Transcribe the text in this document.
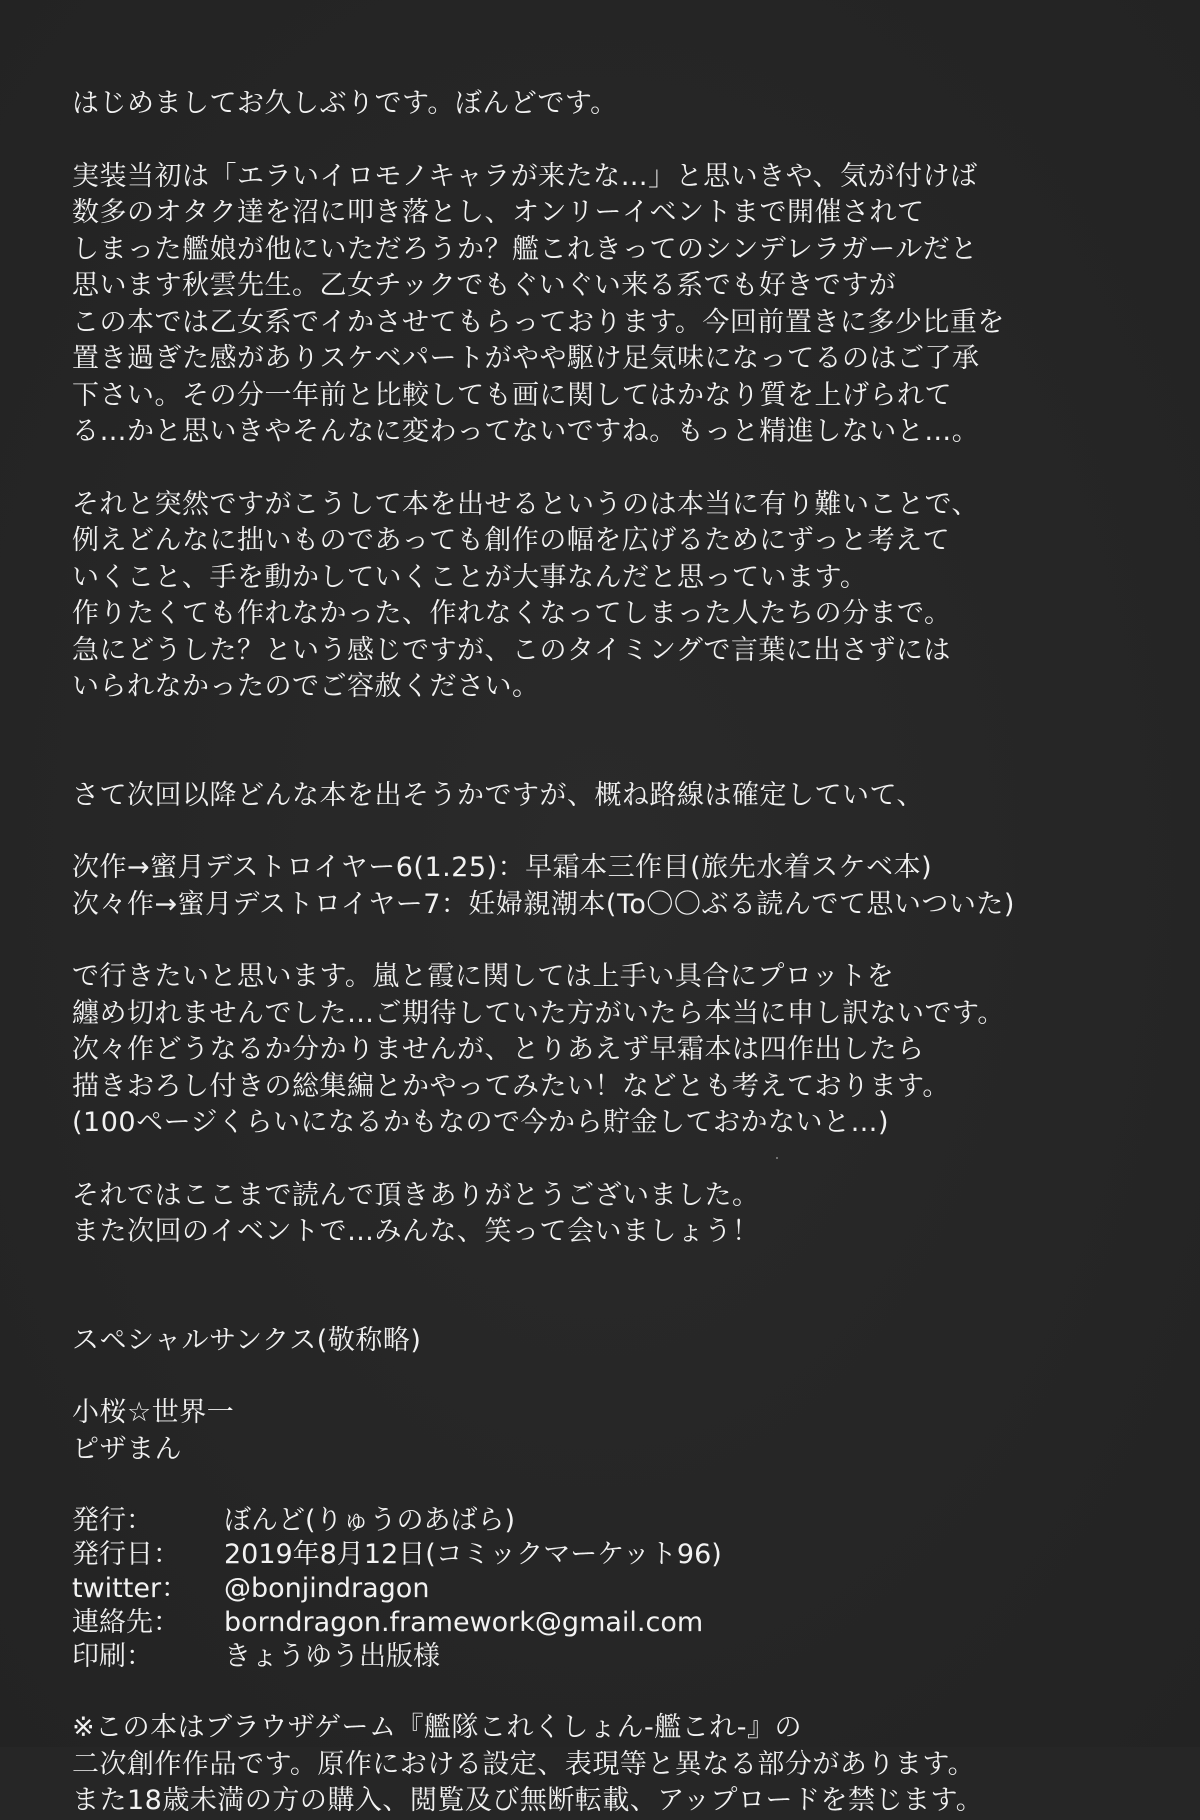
はじめましてお久しぶりです。ぼんどです。
実装当初は「エラいイロモノキャラが来たな…」と思いきや、気が付けば
数多のオタク達を沼に叩き落とし、オンリーイベントまで開催されて
しまった艦娘が他にいただろうか？艦これきってのシンデレラガールだと
思います秋雲先生。乙女チックでもぐいぐい来る系でも好きですが
この本では乙女系でイかさせてもらっております。今回前置きに多少比重を
置き過ぎた感がありスケベパートがやや駆け足気味になってるのはご了承
下さい。その分一年前と比較しても画に関してはかなり質を上げられて
る…かと思いきやそんなに変わってないですね。もっと精進しないと…。
それと突然ですがこうして本を出せるというのは本当に有り難いことで、
例えどんなに拙いものであっても創作の幅を広げるためにずっと考えて
いくこと、手を動かしていくことが大事なんだと思っています。
作りたくても作れなかった、作れなくなってしまった人たちの分まで。
急にどうした？という感じですが、このタイミングで言葉に出さずには
いられなかったのでご容赦ください。
さて次回以降どんな本を出そうかですが、概ね路線は確定していて、
次作→蜜月デストロイヤー6(1.25)：早霜本三作目(旅先水着スケベ本)
次々作→蜜月デストロイヤー7：妊婦親潮本(To〇〇ぶる読んでて思いついた)
で行きたいと思います。嵐と霞に関しては上手い具合にプロットを
纏め切れませんでした…ご期待していた方がいたら本当に申し訳ないです。
次々作どうなるか分かりませんが、とりあえず早霜本は四作出したら
描きおろし付きの総集編とかやってみたい！などとも考えております。
(100ページくらいになるかもなので今から貯金しておかないと…)
それではここまで読んで頂きありがとうございました。
また次回のイベントで…みんな、笑って会いましょう！
スペシャルサンクス(敬称略)
小桜☆世界一
ピザまん
発行：	ぼんど(りゅうのあばら)
発行日：	2019年8月12日(コミックマーケット96)
twitter：	@bonjindragon
連絡先：	borndragon.framework@gmail.com
印刷：	きょうゆう出版様
※この本はブラウザゲーム『艦隊これくしょん-艦これ-』の
二次創作作品です。原作における設定、表現等と異なる部分があります。
また18歳未満の方の購入、閲覧及び無断転載、アップロードを禁じます。
